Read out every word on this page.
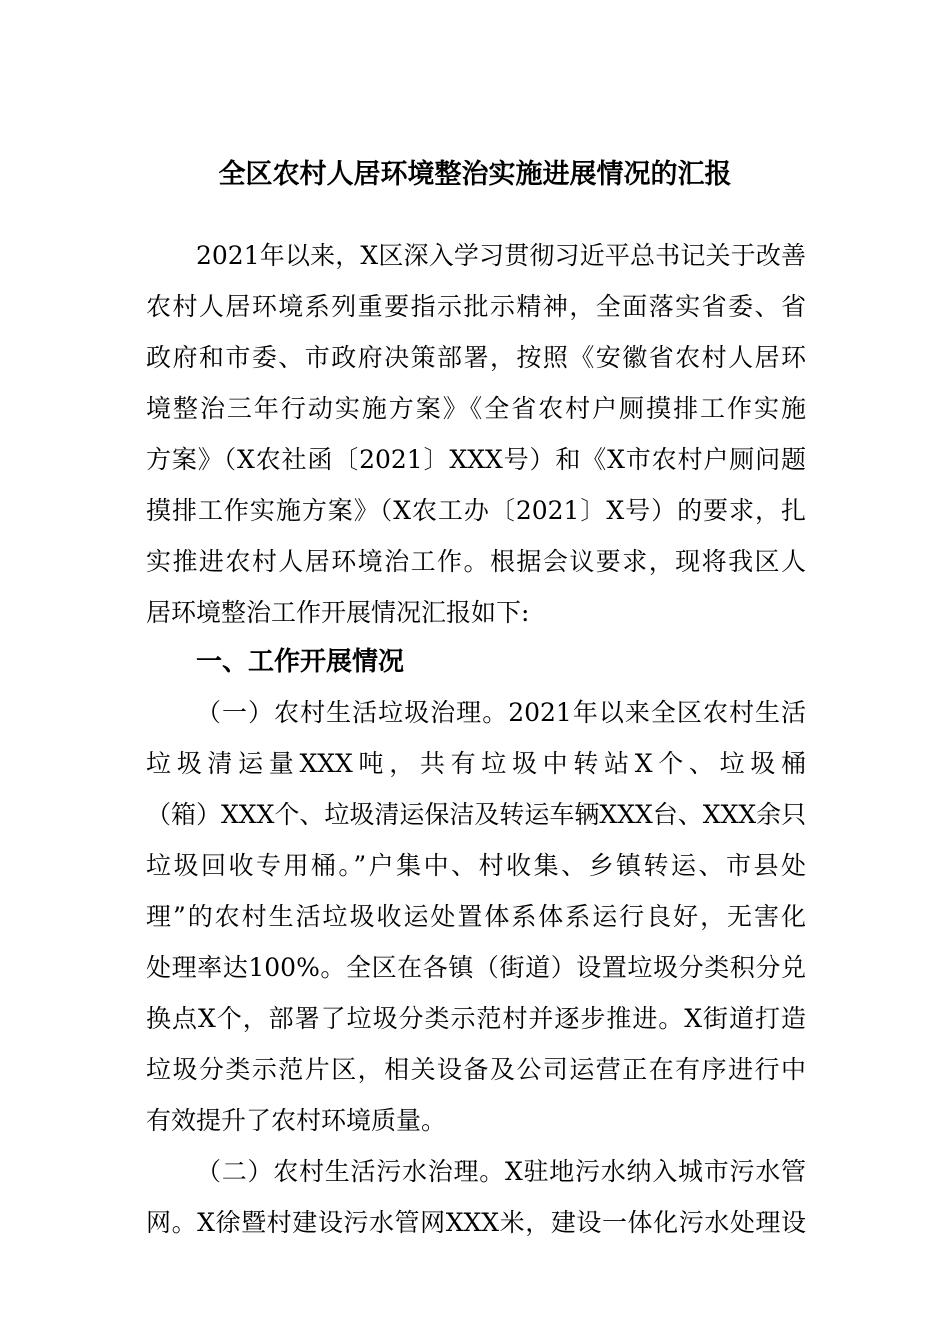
全区农村人居环境整治实施进展情况的汇报

2021年以来，X区深入学习贯彻习近平总书记关于改善

农村人居环境系列重要指示批示精神，全面落实省委、省

政府和市委、市政府决策部署，按照《安徽省农村人居环

境整治三年行动实施方案》《全省农村户厕摸排工作实施

方案》（X农社函〔2021〕XXX号）和《X市农村户厕问题

摸排工作实施方案》（X农工办〔2021〕X号）的要求，扎

实推进农村人居环境治工作。根据会议要求，现将我区人

居环境整治工作开展情况汇报如下:

一、工作开展情况

（一）农村生活垃圾治理。2021年以来全区农村生活

垃圾清运量XXX吨，共有垃圾中转站X个、垃圾桶

（箱）XXX个、垃圾清运保洁及转运车辆XXX台、XXX余只

垃圾回收专用桶。”户集中、村收集、乡镇转运、市县处

理”的农村生活垃圾收运处置体系体系运行良好，无害化

处理率达100%。全区在各镇（街道）设置垃圾分类积分兑

换点X个，部署了垃圾分类示范村并逐步推进。X街道打造

垃圾分类示范片区，相关设备及公司运营正在有序进行中

有效提升了农村环境质量。

（二）农村生活污水治理。X驻地污水纳入城市污水管

网。X徐暨村建设污水管网XXX米，建设一体化污水处理设
